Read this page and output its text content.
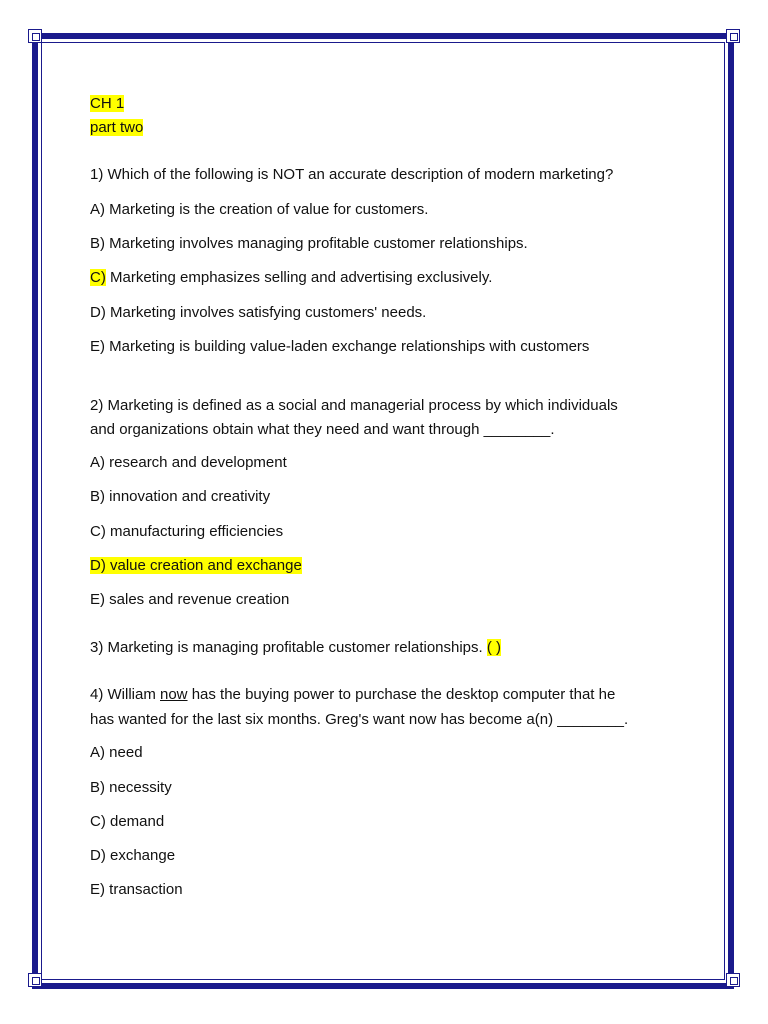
CH 1
part two
1) Which of the following is NOT an accurate description of modern marketing?
A) Marketing is the creation of value for customers.
B) Marketing involves managing profitable customer relationships.
C) Marketing emphasizes selling and advertising exclusively.
D) Marketing involves satisfying customers' needs.
E) Marketing is building value-laden exchange relationships with customers
2) Marketing is defined as a social and managerial process by which individuals
and organizations obtain what they need and want through ________.
A) research and development
B) innovation and creativity
C) manufacturing efficiencies
D) value creation and exchange
E) sales and revenue creation
3) Marketing is managing profitable customer relationships. ( )
4) William now has the buying power to purchase the desktop computer that he
has wanted for the last six months. Greg's want now has become a(n) ________.
A) need
B) necessity
C) demand
D) exchange
E) transaction
